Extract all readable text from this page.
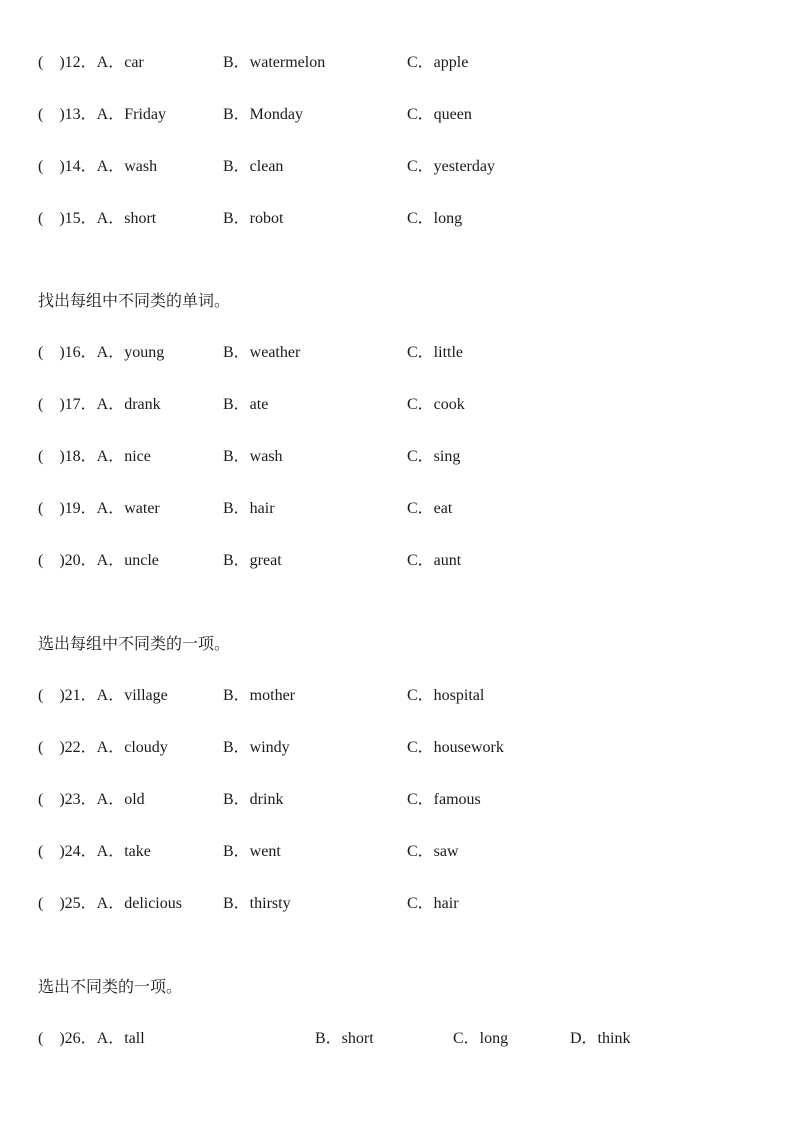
(　)12．A．car	B．watermelon	C．apple
(　)13．A．Friday	B．Monday	C．queen
(　)14．A．wash	B．clean	C．yesterday
(　)15．A．short	B．robot	C．long
找出每组中不同类的单词。
(　)16．A．young	B．weather	C．little
(　)17．A．drank	B．ate	C．cook
(　)18．A．nice	B．wash	C．sing
(　)19．A．water	B．hair	C．eat
(　)20．A．uncle	B．great	C．aunt
选出每组中不同类的一项。
(　)21．A．village	B．mother	C．hospital
(　)22．A．cloudy	B．windy	C．housework
(　)23．A．old	B．drink	C．famous
(　)24．A．take	B．went	C．saw
(　)25．A．delicious	B．thirsty	C．hair
选出不同类的一项。
(　)26．A．tall	B．short	C．long	D．think
